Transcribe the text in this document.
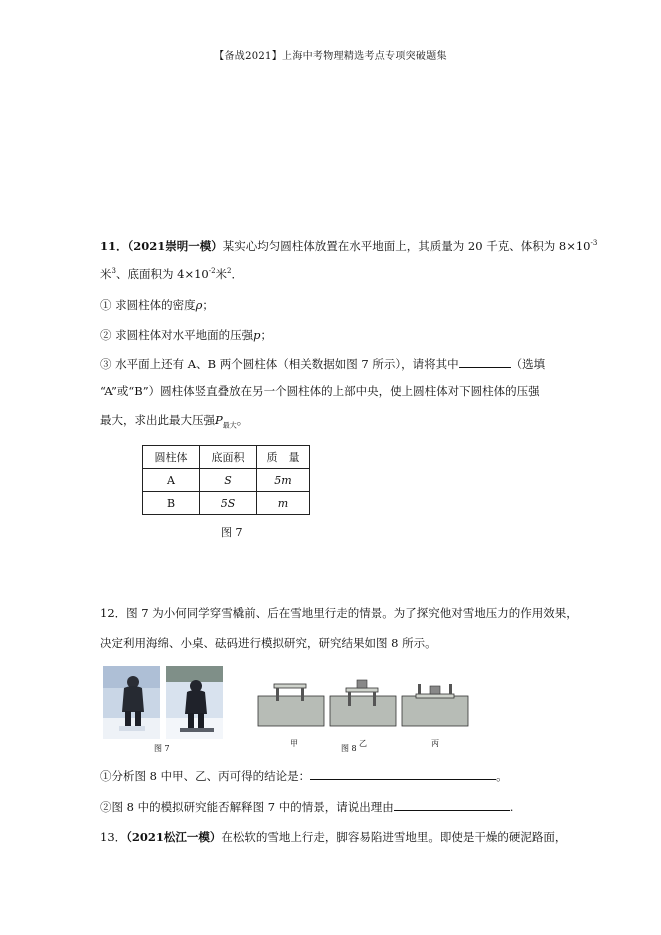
【备战2021】上海中考物理精选考点专项突破题集
11．（2021崇明一模）某实心均匀圆柱体放置在水平地面上，其质量为 20 千克、体积为 $8\times 10^{-3}$
米$^3$、底面积为 $4\times 10^{-2}$米$^2$．
① 求圆柱体的密度ρ；
② 求圆柱体对水平地面的压强p；
③ 水平面上还有 A、B 两个圆柱体（相关数据如图 7 所示），请将其中	（选填
“A”或“B”）圆柱体竖直叠放在另一个圆柱体的上部中央，使上圆柱体对下圆柱体的压强
最大，求出此最大压强$P_{最大}$。
圆柱体	底面积	质　量
A	S	5m
B	5S	m
图 7
12．图 7 为小何同学穿雪橇前、后在雪地里行走的情景。为了探究他对雪地压力的作用效果，
决定利用海绵、小桌、砝码进行模拟研究，研究结果如图 8 所示。
图 7
甲	乙
图 8
丙
①分析图 8 中甲、乙、丙可得的结论是：	。
②图 8 中的模拟研究能否解释图 7 中的情景，请说出理由	.
13．（2021松江一模）在松软的雪地上行走，脚容易陷进雪地里。即使是干燥的硬泥路面，
